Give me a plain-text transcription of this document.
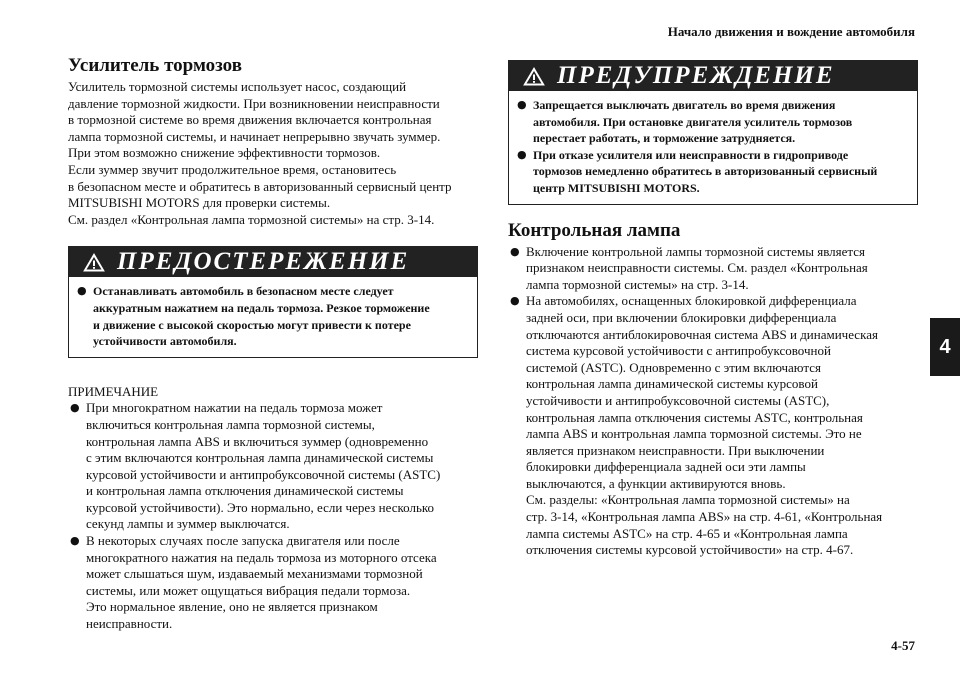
Начало движения и вождение автомобиля
4
4-57
Усилитель тормозов

Усилитель тормозной системы использует насос, создающий
давление тормозной жидкости. При возникновении неисправности
в тормозной системе во время движения включается контрольная
лампа тормозной системы, и начинает непрерывно звучать зуммер.
При этом возможно снижение эффективности тормозов.
Если зуммер звучит продолжительное время, остановитесь
в безопасном месте и обратитесь в авторизованный сервисный центр
MITSUBISHI MOTORS для проверки системы.
См. раздел «Контрольная лампа тормозной системы» на стр. 3-14.

ПРЕДОСТЕРЕЖЕНИЕ
● Останавливать автомобиль в безопасном месте следует
аккуратным нажатием на педаль тормоза. Резкое торможение
и движение с высокой скоростью могут привести к потере
устойчивости автомобиля.

ПРИМЕЧАНИЕ

● При многократном нажатии на педаль тормоза может
включиться контрольная лампа тормозной системы,
контрольная лампа ABS и включиться зуммер (одновременно
с этим включаются контрольная лампа динамической системы
курсовой устойчивости и антипробуксовочной системы (ASTC)
и контрольная лампа отключения динамической системы
курсовой устойчивости). Это нормально, если через несколько
секунд лампы и зуммер выключатся.
● В некоторых случаях после запуска двигателя или после
многократного нажатия на педаль тормоза из моторного отсека
может слышаться шум, издаваемый механизмами тормозной
системы, или может ощущаться вибрация педали тормоза.
Это нормальное явление, оно не является признаком
неисправности.
ПРЕДУПРЕЖДЕНИЕ
● Запрещается выключать двигатель во время движения
автомобиля. При остановке двигателя усилитель тормозов
перестает работать, и торможение затрудняется.
● При отказе усилителя или неисправности в гидроприводе
тормозов немедленно обратитесь в авторизованный сервисный
центр MITSUBISHI MOTORS.
Контрольная лампа
● Включение контрольной лампы тормозной системы является
признаком неисправности системы. См. раздел «Контрольная
лампа тормозной системы» на стр. 3-14.
● На автомобилях, оснащенных блокировкой дифференциала
задней оси, при включении блокировки дифференциала
отключаются антиблокировочная система ABS и динамическая
система курсовой устойчивости с антипробуксовочной
системой (ASTC). Одновременно с этим включаются
контрольная лампа динамической системы курсовой
устойчивости и антипробуксовочной системы (ASTC),
контрольная лампа отключения системы ASTC, контрольная
лампа ABS и контрольная лампа тормозной системы. Это не
является признаком неисправности. При выключении
блокировки дифференциала задней оси эти лампы
выключаются, а функции активируются вновь.
См. разделы: «Контрольная лампа тормозной системы» на
стр. 3-14, «Контрольная лампа ABS» на стр. 4-61, «Контрольная
лампа системы ASTC» на стр. 4-65 и «Контрольная лампа
отключения системы курсовой устойчивости» на стр. 4-67.
